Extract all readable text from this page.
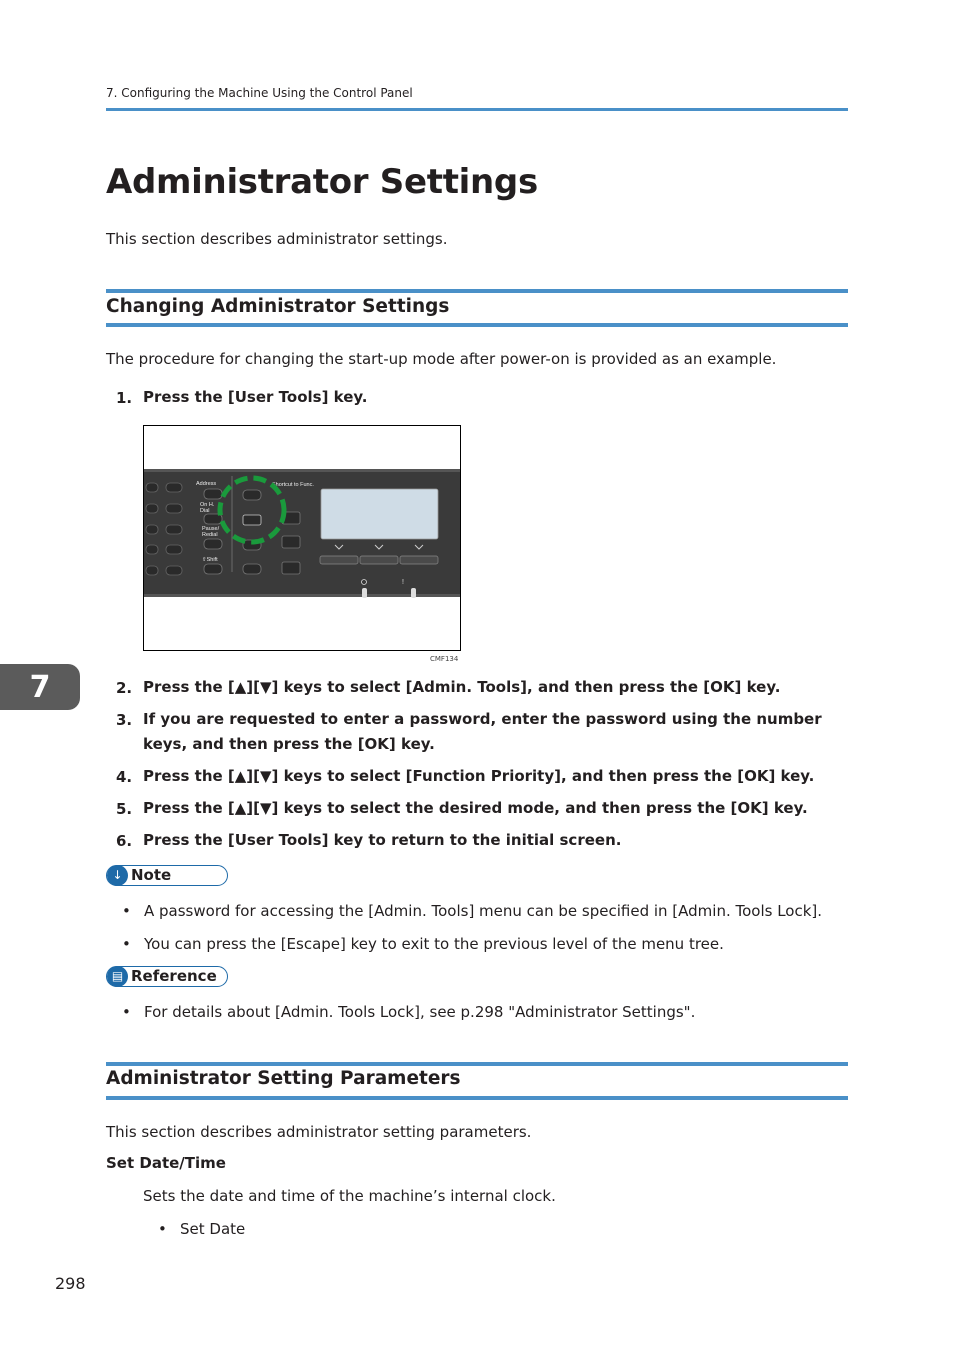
7. Configuring the Machine Using the Control Panel
Administrator Settings
This section describes administrator settings.
Changing Administrator Settings
The procedure for changing the start-up mode after power-on is provided as an example.
1. Press the [User Tools] key.
Address
On H.
Dial
Pause/
Redial
⇧Shift
Shortcut to Func.
!
CMF134
7	2. Press the [▲][▼] keys to select [Admin. Tools], and then press the [OK] key.
3. If you are requested to enter a password, enter the password using the number keys, and then press the [OK] key.
4. Press the [▲][▼] keys to select [Function Priority], and then press the [OK] key.
5. Press the [▲][▼] keys to select the desired mode, and then press the [OK] key.
6. Press the [User Tools] key to return to the initial screen.
↓ Note
• A password for accessing the [Admin. Tools] menu can be specified in [Admin. Tools Lock].
• You can press the [Escape] key to exit to the previous level of the menu tree.
▤ Reference
• For details about [Admin. Tools Lock], see p.298 "Administrator Settings".
Administrator Setting Parameters
This section describes administrator setting parameters.
Set Date/Time
Sets the date and time of the machine’s internal clock.
• Set Date
298
